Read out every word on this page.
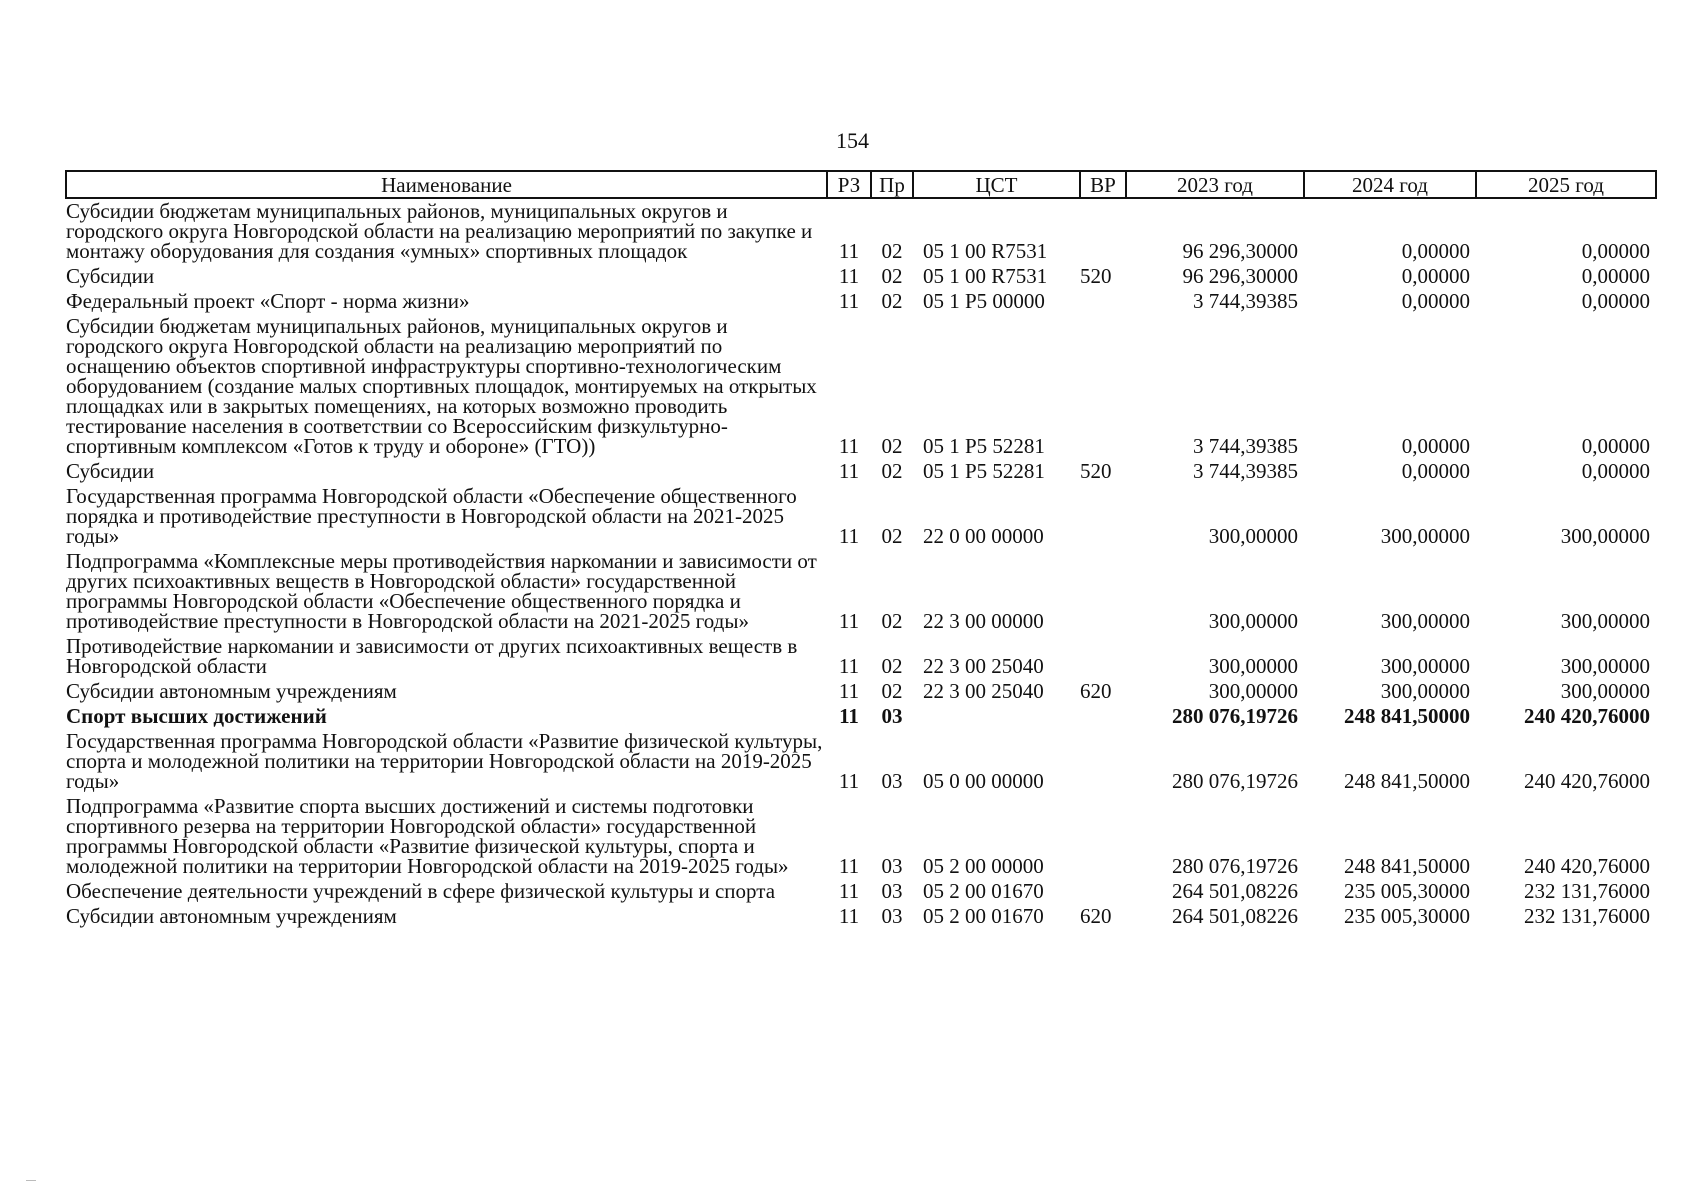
154
Наименование	РЗ	Пр	ЦСТ	ВР	2023 год	2024 год	2025 год
Субсидии бюджетам муниципальных районов, муниципальных округов и городского округа Новгородской области на реализацию мероприятий по закупке и монтажу оборудования для создания «умных» спортивных площадок	11	02	05 1 00 R7531		96 296,30000	0,00000	0,00000
Субсидии	11	02	05 1 00 R7531	520	96 296,30000	0,00000	0,00000
Федеральный проект «Спорт - норма жизни»	11	02	05 1 P5 00000		3 744,39385	0,00000	0,00000
Субсидии бюджетам муниципальных районов, муниципальных округов и городского округа Новгородской области на реализацию мероприятий по оснащению объектов спортивной инфраструктуры спортивно-технологическим оборудованием (создание малых спортивных площадок, монтируемых на открытых площадках или в закрытых помещениях, на которых возможно проводить тестирование населения в соответствии со Всероссийским физкультурно-спортивным комплексом «Готов к труду и обороне» (ГТО))	11	02	05 1 P5 52281		3 744,39385	0,00000	0,00000
Субсидии	11	02	05 1 P5 52281	520	3 744,39385	0,00000	0,00000
Государственная программа Новгородской области «Обеспечение общественного порядка и противодействие преступности в Новгородской области на 2021-2025 годы»	11	02	22 0 00 00000		300,00000	300,00000	300,00000
Подпрограмма «Комплексные меры противодействия наркомании и зависимости от других психоактивных веществ в Новгородской области» государственной программы Новгородской области «Обеспечение общественного порядка и противодействие преступности в Новгородской области на 2021-2025 годы»	11	02	22 3 00 00000		300,00000	300,00000	300,00000
Противодействие наркомании и зависимости от других психоактивных веществ в Новгородской области	11	02	22 3 00 25040		300,00000	300,00000	300,00000
Субсидии автономным учреждениям	11	02	22 3 00 25040	620	300,00000	300,00000	300,00000
Спорт высших достижений	11	03			280 076,19726	248 841,50000	240 420,76000
Государственная программа Новгородской области «Развитие физической культуры, спорта и молодежной политики на территории Новгородской области на 2019-2025 годы»	11	03	05 0 00 00000		280 076,19726	248 841,50000	240 420,76000
Подпрограмма «Развитие спорта высших достижений и системы подготовки спортивного резерва на территории Новгородской области» государственной программы Новгородской области «Развитие физической культуры, спорта и молодежной политики на территории Новгородской области на 2019-2025 годы»	11	03	05 2 00 00000		280 076,19726	248 841,50000	240 420,76000
Обеспечение деятельности учреждений в сфере физической культуры и спорта	11	03	05 2 00 01670		264 501,08226	235 005,30000	232 131,76000
Субсидии автономным учреждениям	11	03	05 2 00 01670	620	264 501,08226	235 005,30000	232 131,76000
